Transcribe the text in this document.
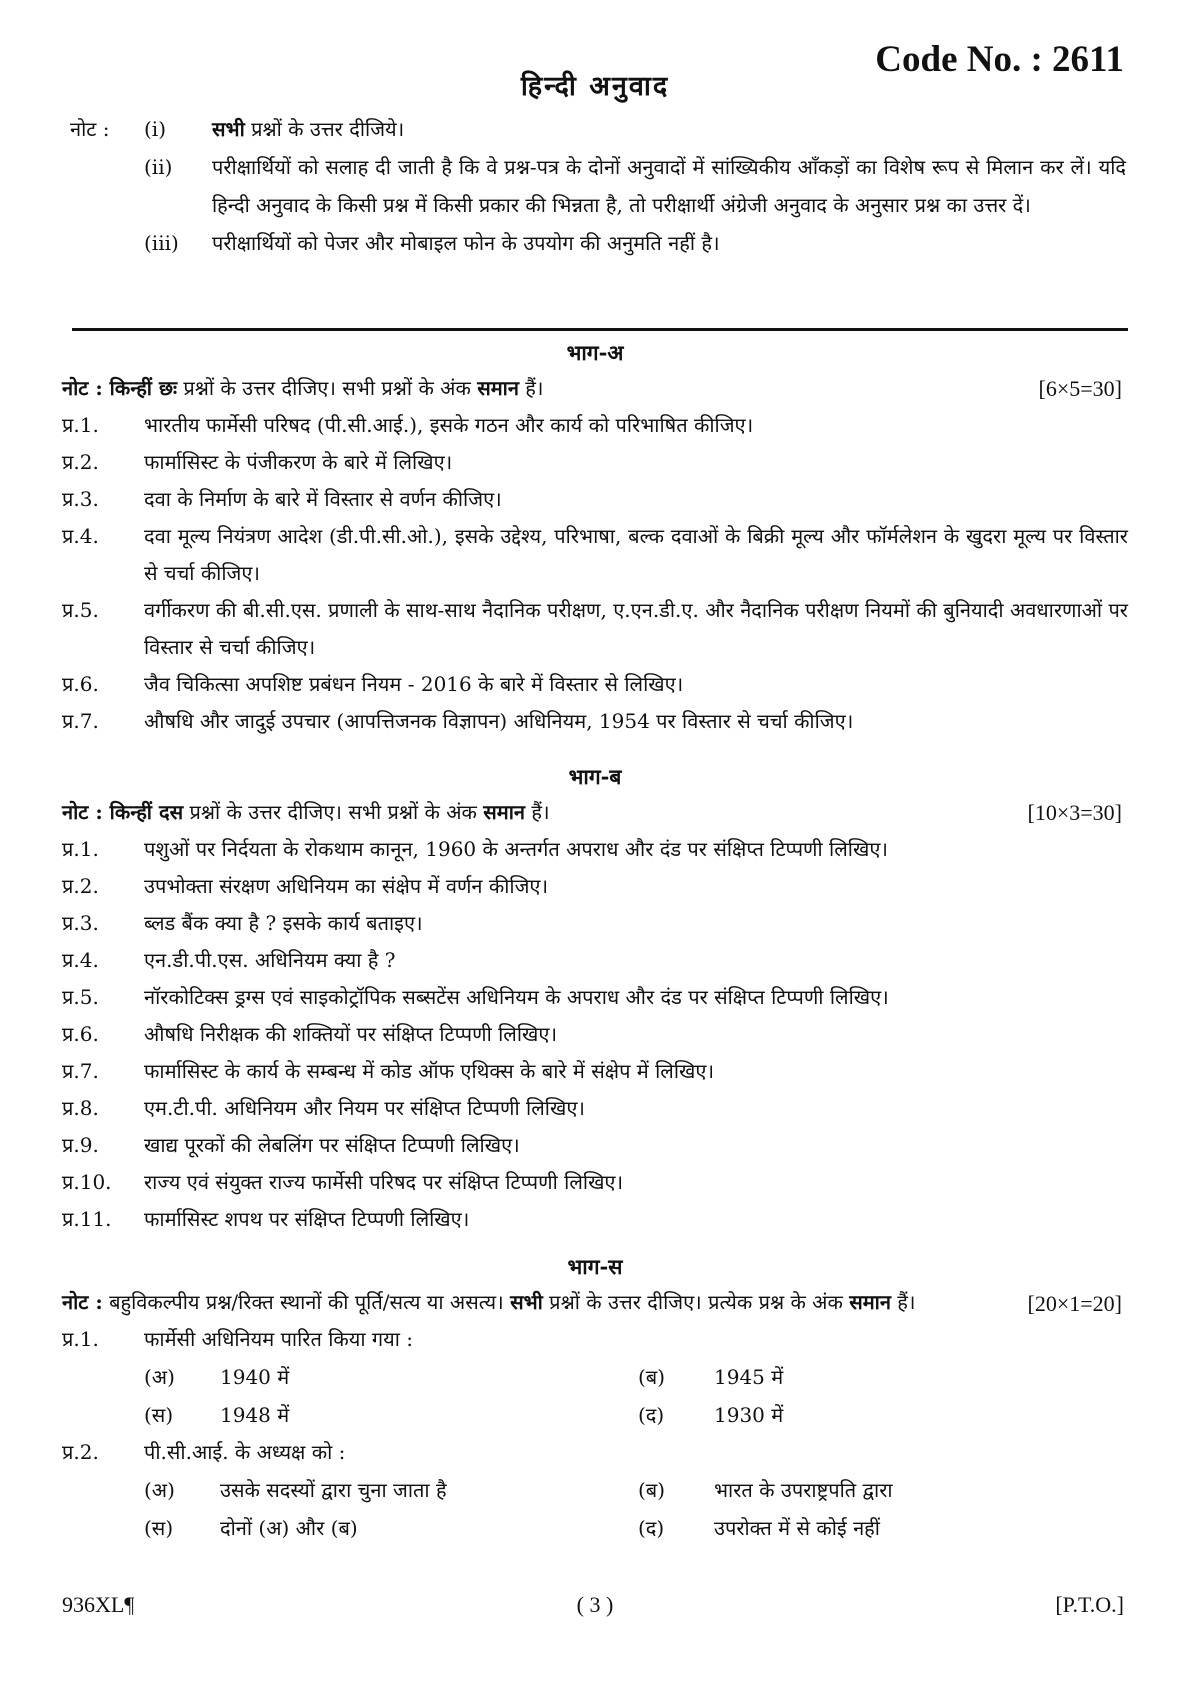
Code No. : 2611
हिन्दी अनुवाद
नोट : (i) सभी प्रश्नों के उत्तर दीजिये।
(ii) परीक्षार्थियों को सलाह दी जाती है कि वे प्रश्न-पत्र के दोनों अनुवादों में सांख्यिकीय आँकड़ों का विशेष रूप से मिलान कर लें। यदि हिन्दी अनुवाद के किसी प्रश्न में किसी प्रकार की भिन्नता है, तो परीक्षार्थी अंग्रेजी अनुवाद के अनुसार प्रश्न का उत्तर दें।
(iii) परीक्षार्थियों को पेजर और मोबाइल फोन के उपयोग की अनुमति नहीं है।
भाग-अ
नोट : किन्हीं छः प्रश्नों के उत्तर दीजिए। सभी प्रश्नों के अंक समान हैं।	[6×5=30]
प्र.1. भारतीय फार्मेसी परिषद (पी.सी.आई.), इसके गठन और कार्य को परिभाषित कीजिए।
प्र.2. फार्मासिस्ट के पंजीकरण के बारे में लिखिए।
प्र.3. दवा के निर्माण के बारे में विस्तार से वर्णन कीजिए।
प्र.4. दवा मूल्य नियंत्रण आदेश (डी.पी.सी.ओ.), इसके उद्देश्य, परिभाषा, बल्क दवाओं के बिक्री मूल्य और फॉर्मलेशन के खुदरा मूल्य पर विस्तार से चर्चा कीजिए।
प्र.5. वर्गीकरण की बी.सी.एस. प्रणाली के साथ-साथ नैदानिक परीक्षण, ए.एन.डी.ए. और नैदानिक परीक्षण नियमों की बुनियादी अवधारणाओं पर विस्तार से चर्चा कीजिए।
प्र.6. जैव चिकित्सा अपशिष्ट प्रबंधन नियम - 2016 के बारे में विस्तार से लिखिए।
प्र.7. औषधि और जादुई उपचार (आपत्तिजनक विज्ञापन) अधिनियम, 1954 पर विस्तार से चर्चा कीजिए।
भाग-ब
नोट : किन्हीं दस प्रश्नों के उत्तर दीजिए। सभी प्रश्नों के अंक समान हैं।	[10×3=30]
प्र.1. पशुओं पर निर्दयता के रोकथाम कानून, 1960 के अन्तर्गत अपराध और दंड पर संक्षिप्त टिप्पणी लिखिए।
प्र.2. उपभोक्ता संरक्षण अधिनियम का संक्षेप में वर्णन कीजिए।
प्र.3. ब्लड बैंक क्या है ? इसके कार्य बताइए।
प्र.4. एन.डी.पी.एस. अधिनियम क्या है ?
प्र.5. नॉरकोटिक्स ड्रग्स एवं साइकोट्रॉपिक सब्सटेंस अधिनियम के अपराध और दंड पर संक्षिप्त टिप्पणी लिखिए।
प्र.6. औषधि निरीक्षक की शक्तियों पर संक्षिप्त टिप्पणी लिखिए।
प्र.7. फार्मासिस्ट के कार्य के सम्बन्ध में कोड ऑफ एथिक्स के बारे में संक्षेप में लिखिए।
प्र.8. एम.टी.पी. अधिनियम और नियम पर संक्षिप्त टिप्पणी लिखिए।
प्र.9. खाद्य पूरकों की लेबलिंग पर संक्षिप्त टिप्पणी लिखिए।
प्र.10. राज्य एवं संयुक्त राज्य फार्मेसी परिषद पर संक्षिप्त टिप्पणी लिखिए।
प्र.11. फार्मासिस्ट शपथ पर संक्षिप्त टिप्पणी लिखिए।
भाग-स
नोट : बहुविकल्पीय प्रश्न/रिक्त स्थानों की पूर्ति/सत्य या असत्य। सभी प्रश्नों के उत्तर दीजिए। प्रत्येक प्रश्न के अंक समान हैं।	[20×1=20]
प्र.1. फार्मेसी अधिनियम पारित किया गया :
(अ) 1940 में	(ब) 1945 में
(स) 1948 में	(द) 1930 में
प्र.2. पी.सी.आई. के अध्यक्ष को :
(अ) उसके सदस्यों द्वारा चुना जाता है	(ब) भारत के उपराष्ट्रपति द्वारा
(स) दोनों (अ) और (ब)	(द) उपरोक्त में से कोई नहीं
936XL¶	( 3 )	[P.T.O.]
